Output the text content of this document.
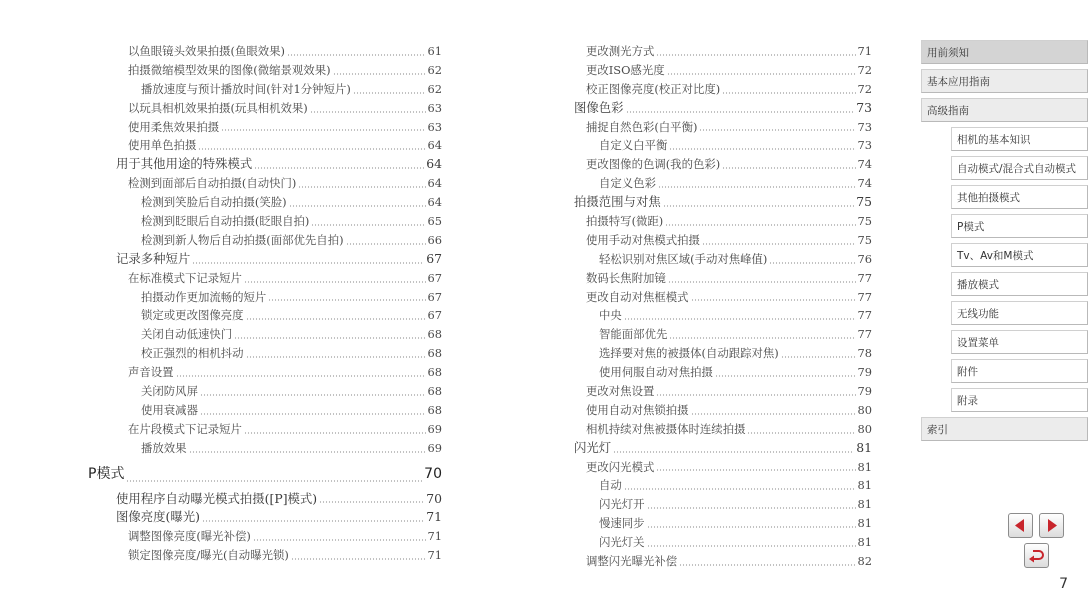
以鱼眼镜头效果拍摄(鱼眼效果)	61
拍摄微缩模型效果的图像(微缩景观效果)	62
播放速度与预计播放时间(针对1分钟短片)	62
以玩具相机效果拍摄(玩具相机效果)	63
使用柔焦效果拍摄	63
使用单色拍摄	64
用于其他用途的特殊模式	64
检测到面部后自动拍摄(自动快门)	64
检测到笑脸后自动拍摄(笑脸)	64
检测到眨眼后自动拍摄(眨眼自拍)	65
检测到新人物后自动拍摄(面部优先自拍)	66
记录多种短片	67
在标准模式下记录短片	67
拍摄动作更加流畅的短片	67
锁定或更改图像亮度	67
关闭自动低速快门	68
校正强烈的相机抖动	68
声音设置	68
关闭防风屏	68
使用衰减器	68
在片段模式下记录短片	69
播放效果	69
P模式	70
使用程序自动曝光模式拍摄([P]模式)	70
图像亮度(曝光)	71
调整图像亮度(曝光补偿)	71
锁定图像亮度/曝光(自动曝光锁)	71
更改测光方式	71
更改ISO感光度	72
校正图像亮度(校正对比度)	72
图像色彩	73
捕捉自然色彩(白平衡)	73
自定义白平衡	73
更改图像的色调(我的色彩)	74
自定义色彩	74
拍摄范围与对焦	75
拍摄特写(微距)	75
使用手动对焦模式拍摄	75
轻松识别对焦区域(手动对焦峰值)	76
数码长焦附加镜	77
更改自动对焦框模式	77
中央	77
智能面部优先	77
选择要对焦的被摄体(自动跟踪对焦)	78
使用伺服自动对焦拍摄	79
更改对焦设置	79
使用自动对焦锁拍摄	80
相机持续对焦被摄体时连续拍摄	80
闪光灯	81
更改闪光模式	81
自动	81
闪光灯开	81
慢速同步	81
闪光灯关	81
调整闪光曝光补偿	82
用前须知
基本应用指南
高级指南
相机的基本知识
自动模式/混合式自动模式
其他拍摄模式
P模式
Tv、Av和M模式
播放模式
无线功能
设置菜单
附件
附录
索引
7
